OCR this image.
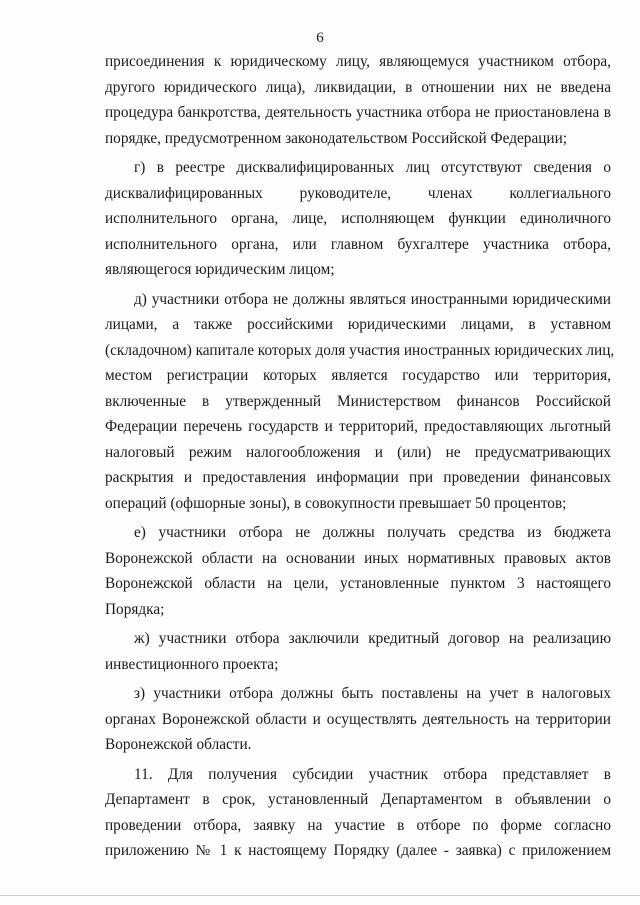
6

присоединения к юридическому лицу, являющемуся участником отбора,
другого юридического лица), ликвидации, в отношении них не введена
процедура банкротства, деятельность участника отбора не приостановлена в
порядке, предусмотренном законодательством Российской Федерации;

г) в реестре дисквалифицированных лиц отсутствуют сведения о
дисквалифицированных руководителе, членах коллегиального
исполнительного органа, лице, исполняющем функции единоличного
исполнительного органа, или главном бухгалтере участника отбора,
являющегося юридическим лицом;

д) участники отбора не должны являться иностранными юридическими
лицами, а также российскими юридическими лицами, в уставном
(складочном) капитале которых доля участия иностранных юридических лиц,
местом регистрации которых является государство или территория,
включенные в утвержденный Министерством финансов Российской
Федерации перечень государств и территорий, предоставляющих льготный
налоговый режим налогообложения и (или) не предусматривающих
раскрытия и предоставления информации при проведении финансовых
операций (офшорные зоны), в совокупности превышает 50 процентов;

е) участники отбора не должны получать средства из бюджета
Воронежской области на основании иных нормативных правовых актов
Воронежской области на цели, установленные пунктом 3 настоящего
Порядка;

ж) участники отбора заключили кредитный договор на реализацию
инвестиционного проекта;

з) участники отбора должны быть поставлены на учет в налоговых
органах Воронежской области и осуществлять деятельность на территории
Воронежской области.

11. Для получения субсидии участник отбора представляет в
Департамент в срок, установленный Департаментом в объявлении о
проведении отбора, заявку на участие в отборе по форме согласно
приложению № 1 к настоящему Порядку (далее - заявка) с приложением
